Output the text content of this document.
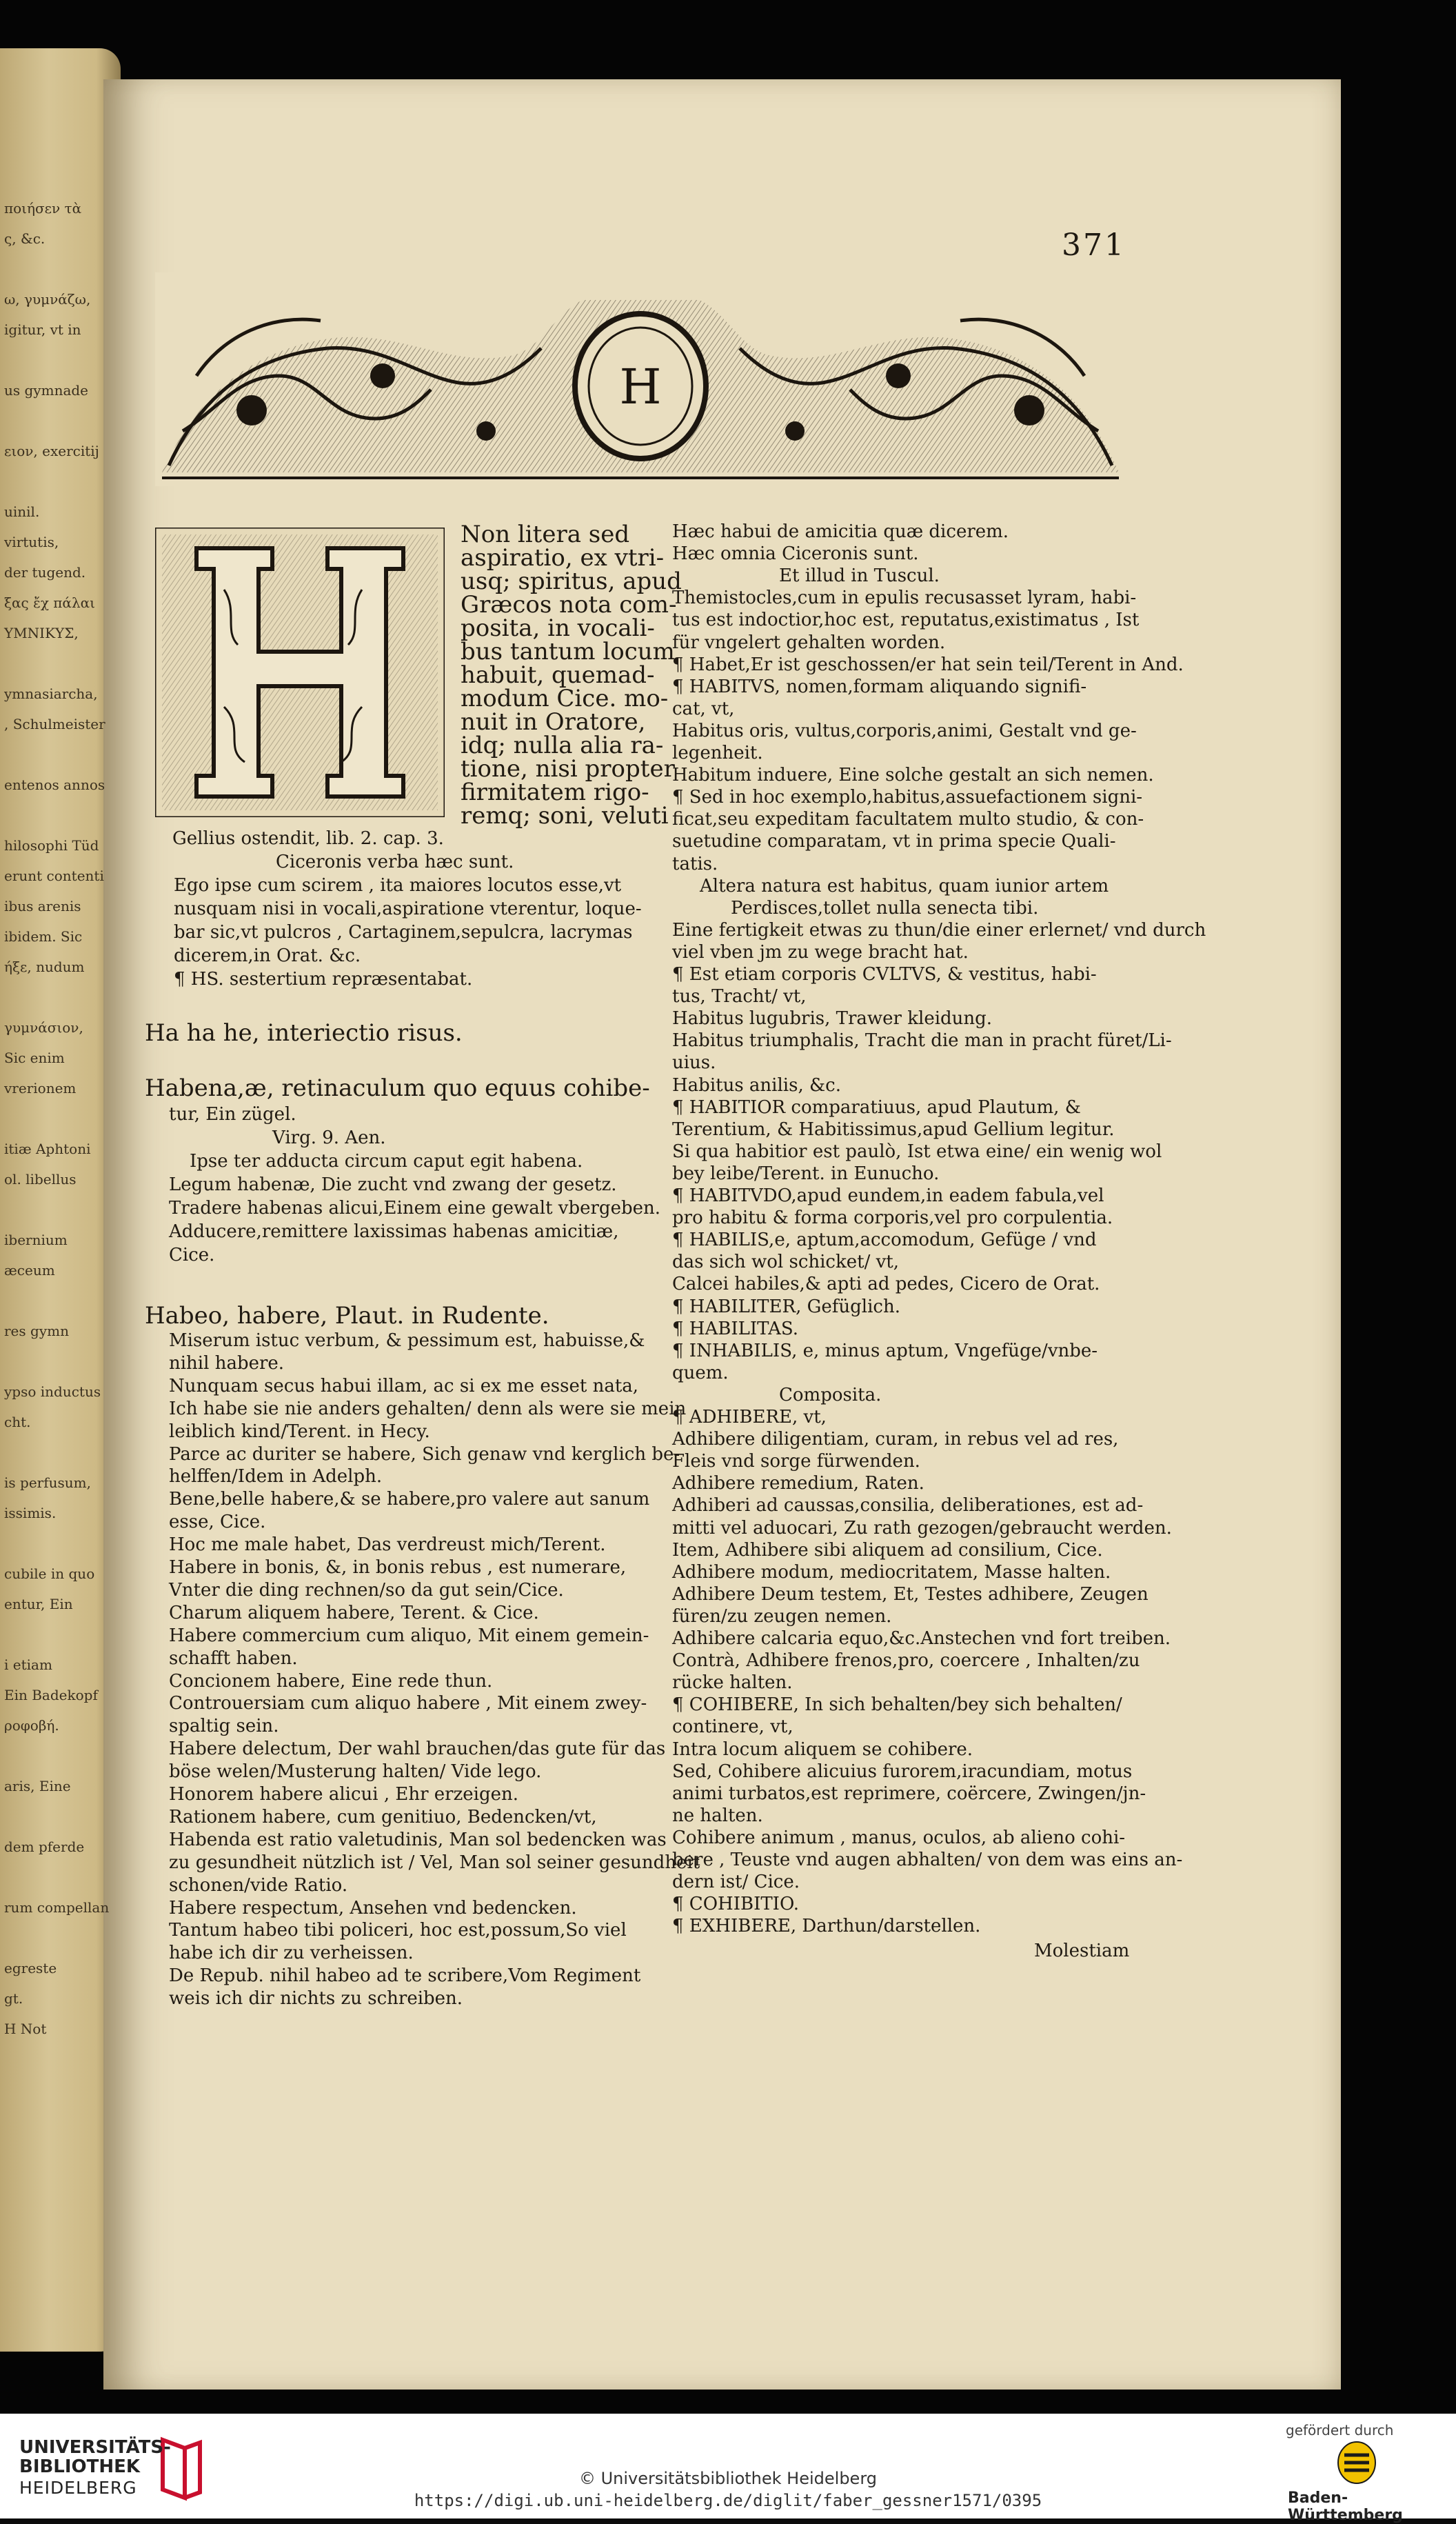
371
H
Non litera sed
aspiratio, ex vtri-
usq; spiritus, apud
Græcos nota com-
posita, in vocali-
bus tantum locum
habuit, quemad-
modum Cice. mo-
nuit in Oratore,
idq; nulla alia ra-
tione, nisi propter
firmitatem rigo-
remq; soni, veluti
Gellius ostendit, lib. 2. cap. 3.
Ciceronis verba hæc sunt.
Ego ipse cum scirem , ita maiores locutos esse,vt
nusquam nisi in vocali,aspiratione vterentur, loque-
bar sic,vt pulcros , Cartaginem,sepulcra, lacrymas
dicerem,in Orat. &c.
¶ HS. sestertium repræsentabat.
Ha ha he, interiectio risus.
Habena,æ, retinaculum quo equus cohibe-
tur, Ein zügel.
Virg. 9. Aen.
Ipse ter adducta circum caput egit habena.
Legum habenæ, Die zucht vnd zwang der gesetz.
Tradere habenas alicui,Einem eine gewalt vbergeben.
Adducere,remittere laxissimas habenas amicitiæ,
Cice.
Habeo, habere, Plaut. in Rudente.
Miserum istuc verbum, & pessimum est, habuisse,&
nihil habere.
Nunquam secus habui illam, ac si ex me esset nata,
Ich habe sie nie anders gehalten/ denn als were sie mein
leiblich kind/Terent. in Hecy.
Parce ac duriter se habere, Sich genaw vnd kerglich be-
helffen/Idem in Adelph.
Bene,belle habere,& se habere,pro valere aut sanum
esse, Cice.
Hoc me male habet, Das verdreust mich/Terent.
Habere in bonis, &, in bonis rebus , est numerare,
Vnter die ding rechnen/so da gut sein/Cice.
Charum aliquem habere, Terent. & Cice.
Habere commercium cum aliquo, Mit einem gemein-
schafft haben.
Concionem habere, Eine rede thun.
Controuersiam cum aliquo habere , Mit einem zwey-
spaltig sein.
Habere delectum, Der wahl brauchen/das gute für das
böse welen/Musterung halten/ Vide lego.
Honorem habere alicui , Ehr erzeigen.
Rationem habere, cum genitiuo, Bedencken/vt,
Habenda est ratio valetudinis, Man sol bedencken was
zu gesundheit nützlich ist / Vel, Man sol seiner gesundheit
schonen/vide Ratio.
Habere respectum, Ansehen vnd bedencken.
Tantum habeo tibi policeri, hoc est,possum,So viel
habe ich dir zu verheissen.
De Repub. nihil habeo ad te scribere,Vom Regiment
weis ich dir nichts zu schreiben.
Hæc habui de amicitia quæ dicerem.
Hæc omnia Ciceronis sunt.
Et illud in Tuscul.
Themistocles,cum in epulis recusasset lyram, habi-
tus est indoctior,hoc est, reputatus,existimatus , Ist
für vngelert gehalten worden.
¶ Habet,Er ist geschossen/er hat sein teil/Terent in And.
¶ HABITVS, nomen,formam aliquando signifi-
cat, vt,
Habitus oris, vultus,corporis,animi, Gestalt vnd ge-
legenheit.
Habitum induere, Eine solche gestalt an sich nemen.
¶ Sed in hoc exemplo,habitus,assuefactionem signi-
ficat,seu expeditam facultatem multo studio, & con-
suetudine comparatam, vt in prima specie Quali-
tatis.
Altera natura est habitus, quam iunior artem
Perdisces,tollet nulla senecta tibi.
Eine fertigkeit etwas zu thun/die einer erlernet/ vnd durch
viel vben jm zu wege bracht hat.
¶ Est etiam corporis CVLTVS, & vestitus, habi-
tus, Tracht/ vt,
Habitus lugubris, Trawer kleidung.
Habitus triumphalis, Tracht die man in pracht füret/Li-
uius.
Habitus anilis, &c.
¶ HABITIOR comparatiuus, apud Plautum, &
Terentium, & Habitissimus,apud Gellium legitur.
Si qua habitior est paulò, Ist etwa eine/ ein wenig wol
bey leibe/Terent. in Eunucho.
¶ HABITVDO,apud eundem,in eadem fabula,vel
pro habitu & forma corporis,vel pro corpulentia.
¶ HABILIS,e, aptum,accomodum, Gefüge / vnd
das sich wol schicket/ vt,
Calcei habiles,& apti ad pedes, Cicero de Orat.
¶ HABILITER, Gefüglich.
¶ HABILITAS.
¶ INHABILIS, e, minus aptum, Vngefüge/vnbe-
quem.
Composita.
¶ ADHIBERE, vt,
Adhibere diligentiam, curam, in rebus vel ad res,
Fleis vnd sorge fürwenden.
Adhibere remedium, Raten.
Adhiberi ad caussas,consilia, deliberationes, est ad-
mitti vel aduocari, Zu rath gezogen/gebraucht werden.
Item, Adhibere sibi aliquem ad consilium, Cice.
Adhibere modum, mediocritatem, Masse halten.
Adhibere Deum testem, Et, Testes adhibere, Zeugen
füren/zu zeugen nemen.
Adhibere calcaria equo,&c.Anstechen vnd fort treiben.
Contrà, Adhibere frenos,pro, coercere , Inhalten/zu
rücke halten.
¶ COHIBERE, In sich behalten/bey sich behalten/
continere, vt,
Intra locum aliquem se cohibere.
Sed, Cohibere alicuius furorem,iracundiam, motus
animi turbatos,est reprimere, coërcere, Zwingen/jn-
ne halten.
Cohibere animum , manus, oculos, ab alieno cohi-
bere , Teuste vnd augen abhalten/ von dem was eins an-
dern ist/ Cice.
¶ COHIBITIO.
¶ EXHIBERE, Darthun/darstellen.
Molestiam
ποιήσεν τὰ
ς, &c.
ω, γυμνάζω,
igitur, vt in
us gymnade
ειον, exercitij
uinil.
virtutis,
der tugend.
ξας ἔχ πάλαι
ΥΜΝΙΚΥΣ,
ymnasiarcha,
, Schulmeister
entenos annos
hilosophi Tüd
erunt contenti
ibus arenis
ibidem. Sic
ήξε, nudum
γυμνάσιον,
Sic enim
vrerionem
itiæ Aphtoni
ol. libellus
ibernium
æceum
res gymn
ypso inductus
cht.
is perfusum,
issimis.
cubile in quo
entur, Ein
i etiam
Ein Badekopf
ροφοβή.
aris, Eine
dem pferde
rum compellan
egreste
gt.
H Not
UNIVERSITÄTS-
BIBLIOTHEK
HEIDELBERG	© Universitätsbibliothek Heidelberg
https://digi.ub.uni-heidelberg.de/diglit/faber_gessner1571/0395
gefördert durch
Baden-Württemberg
